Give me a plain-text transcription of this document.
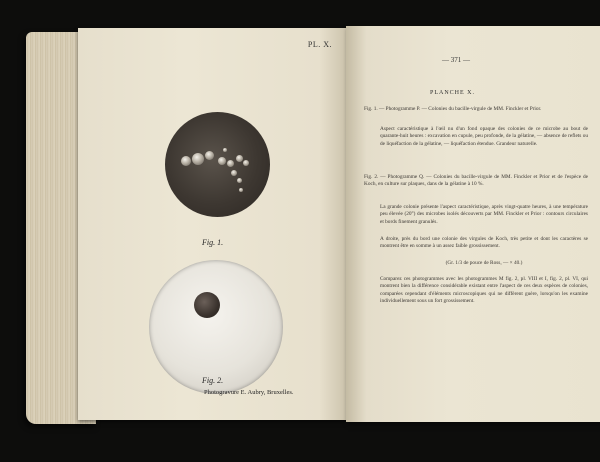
PL. X.
Fig. 1.
Fig. 2.
Photogravure E. Aubry, Bruxelles.
— 371 —
PLANCHE X.
Fig. 1. — Photogramme P. — Colonies du bacille-virgule de MM. Finckler et Prior.
Aspect caractéristique à l'œil nu d'un fond opaque des colonies de ce microbe au bout de quarante-huit heures : excavation en cupule, peu profonde, de la gélatine, — absence de reflets ou de liquéfaction de la gélatine, — liquéfaction étendue. Grandeur naturelle.
Fig. 2. — Photogramme Q. — Colonies du bacille-virgule de MM. Finckler et Prior et de l'espèce de Koch, en culture sur plaques, dans de la gélatine à 10 %.
La grande colonie présente l'aspect caractéristique, après vingt-quatre heures, à une température peu élevée (20°) des microbes isolés découverts par MM. Finckler et Prior : contours circulaires et bords finement granulés.
A droite, près du bord une colonie des virgules de Koch, très petite et dont les caractères se montrent être en somme à un assez faible grossissement.
(Gr. 1/3 de pouce de Ross, — × 40.)
Comparez ces photogrammes avec les photogrammes M fig. 2, pl. VIII et I, fig. 2, pl. VI, qui montrent bien la différence considérable existant entre l'aspect de ces deux espèces de colonies, comparées cependant d'éléments microscopiques qui ne diffèrent guère, lorsqu'on les examine individuellement sous un fort grossissement.
